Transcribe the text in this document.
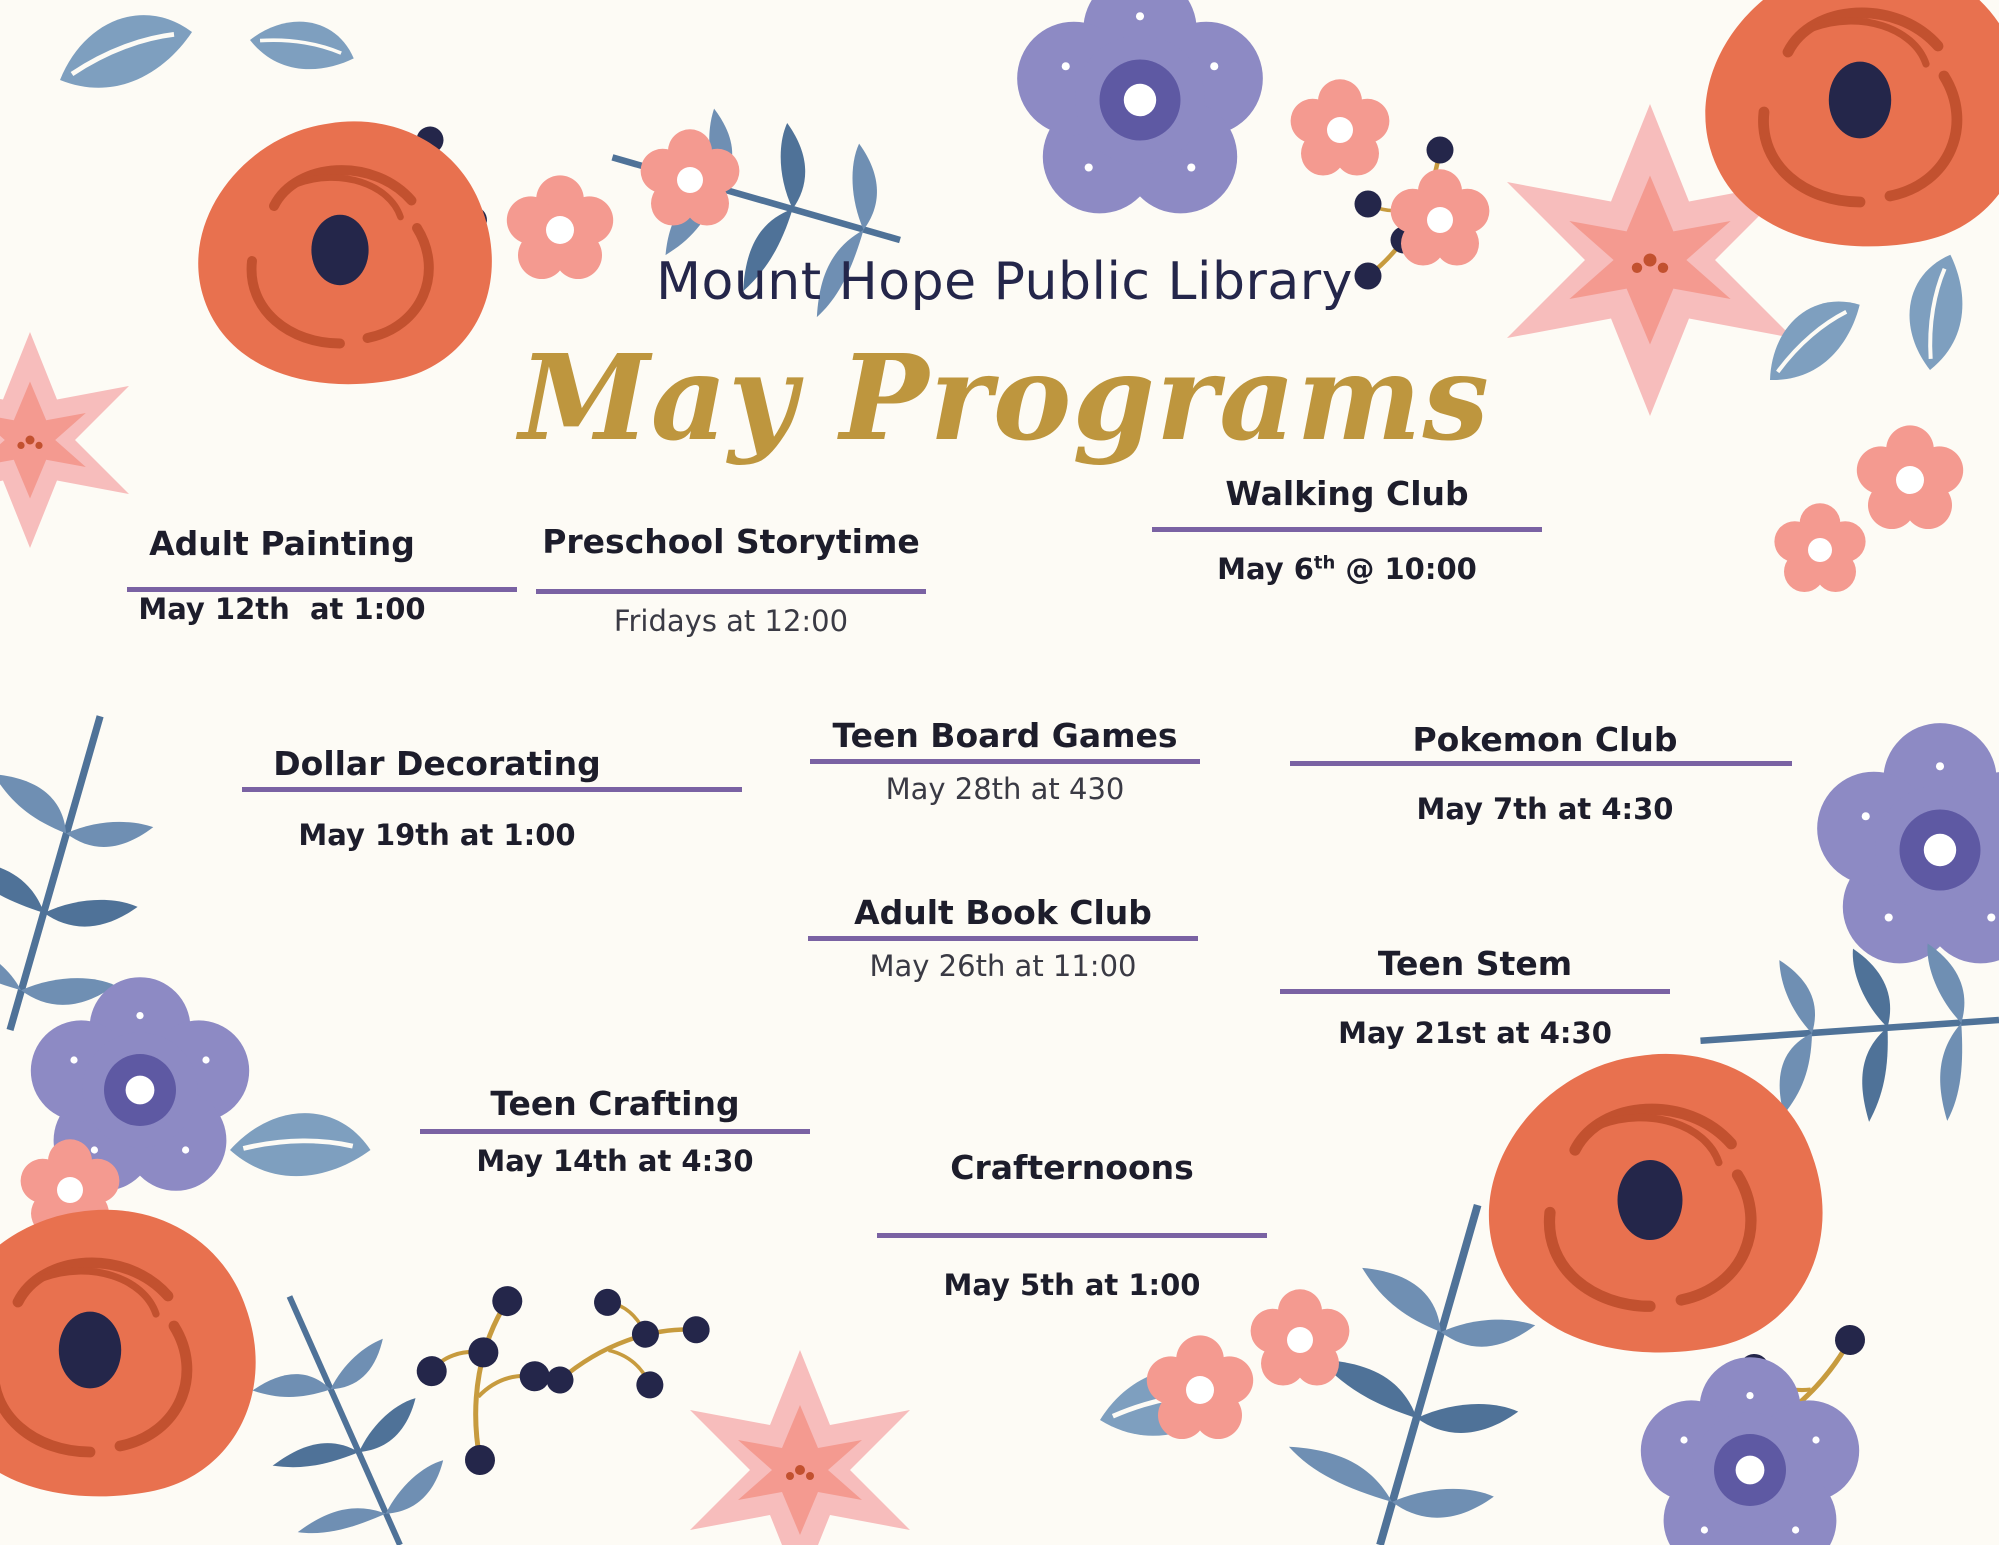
Mount Hope Public Library
May Programs
Walking Club
May 6th @ 10:00
Adult Painting
May 12th  at 1:00
Preschool Storytime
Fridays at 12:00
Dollar Decorating
May 19th at 1:00
Teen Board Games
May 28th at 430
Pokemon Club
May 7th at 4:30
Adult Book Club
May 26th at 11:00	Teen Stem
May 21st at 4:30
Teen Crafting
May 14th at 4:30	Crafternoons
May 5th at 1:00
